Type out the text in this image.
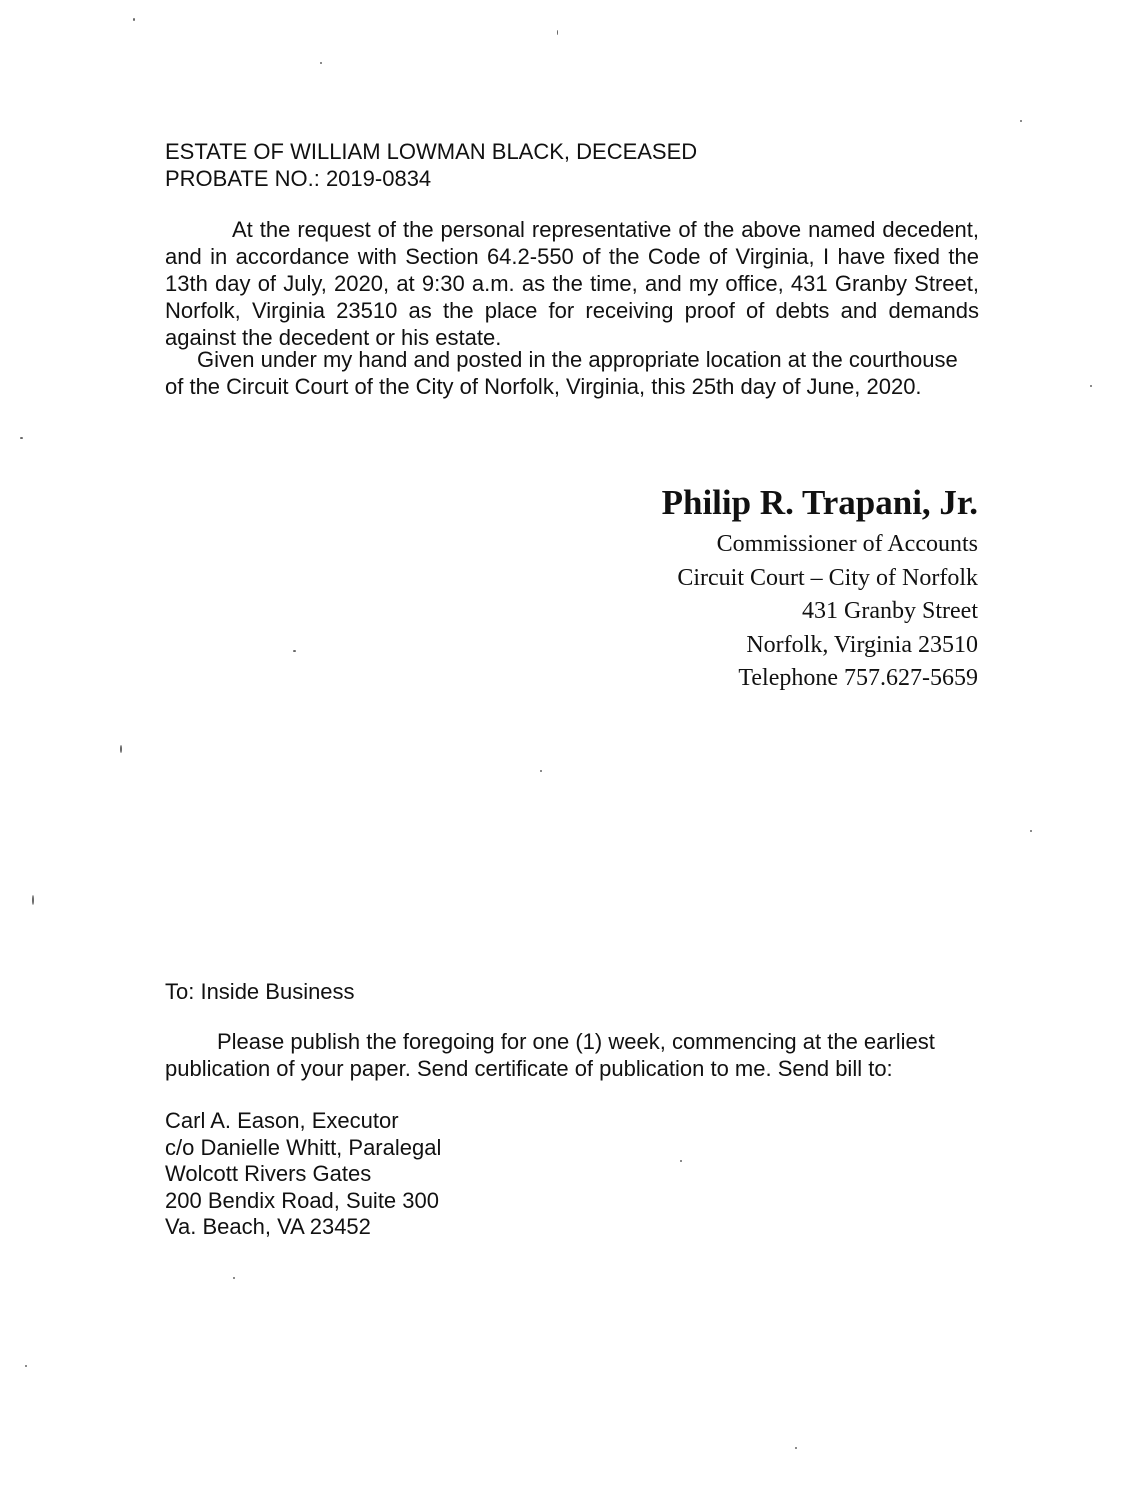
ESTATE OF WILLIAM LOWMAN BLACK, DECEASED
PROBATE NO.: 2019-0834
At the request of the personal representative of the above named decedent, and in accordance with Section 64.2-550 of the Code of Virginia, I have fixed the 13th day of July, 2020, at 9:30 a.m. as the time, and my office, 431 Granby Street, Norfolk, Virginia 23510 as the place for receiving proof of debts and demands against the decedent or his estate.
Given under my hand and posted in the appropriate location at the courthouse of the Circuit Court of the City of Norfolk, Virginia, this 25th day of June, 2020.
Philip R. Trapani, Jr.
Commissioner of Accounts
Circuit Court – City of Norfolk
431 Granby Street
Norfolk, Virginia 23510
Telephone 757.627-5659
To: Inside Business
Please publish the foregoing for one (1) week, commencing at the earliest
publication of your paper. Send certificate of publication to me. Send bill to:
Carl A. Eason, Executor
c/o Danielle Whitt, Paralegal
Wolcott Rivers Gates
200 Bendix Road, Suite 300
Va. Beach, VA 23452
